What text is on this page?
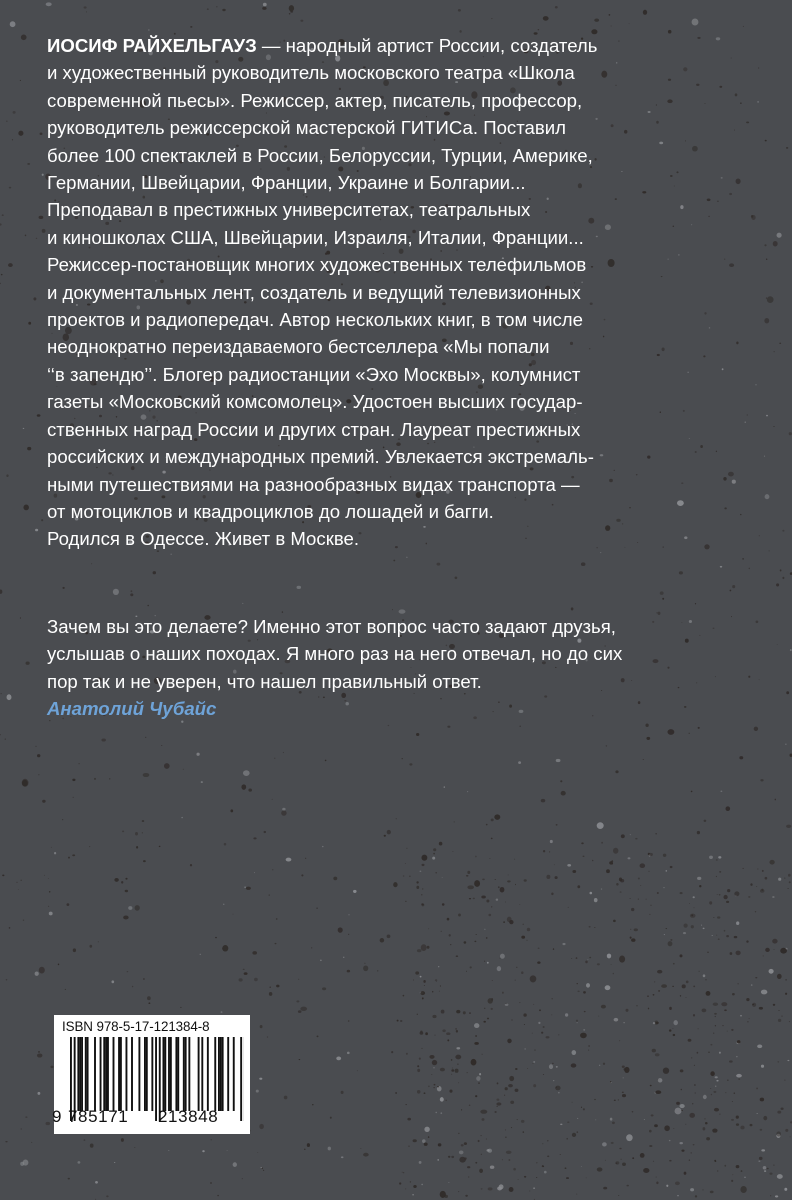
ИОСИФ РАЙХЕЛЬГАУЗ — народный артист России, создатель
и художественный руководитель московского театра «Школа
современной пьесы». Режиссер, актер, писатель, профессор,
руководитель режиссерской мастерской ГИТИСа. Поставил
более 100 спектаклей в России, Белоруссии, Турции, Америке,
Германии, Швейцарии, Франции, Украине и Болгарии...
Преподавал в престижных университетах, театральных
и киношколах США, Швейцарии, Израиля, Италии, Франции...
Режиссер-постановщик многих художественных телефильмов
и документальных лент, создатель и ведущий телевизионных
проектов и радиопередач. Автор нескольких книг, в том числе
неоднократно переиздаваемого бестселлера «Мы попали
‘‘в запендю’’. Блогер радиостанции «Эхо Москвы», колумнист
газеты «Московский комсомолец». Удостоен высших государ-
ственных наград России и других стран. Лауреат престижных
российских и международных премий. Увлекается экстремаль-
ными путешествиями на разнообразных видах транспорта —
от мотоциклов и квадроциклов до лошадей и багги.
Родился в Одессе. Живет в Москве.
Зачем вы это делаете? Именно этот вопрос часто задают друзья,
услышав о наших походах. Я много раз на него отвечал, но до сих
пор так и не уверен, что нашел правильный ответ.
Анатолий Чубайс
ISBN 978-5-17-121384-8
9 785171 213848
